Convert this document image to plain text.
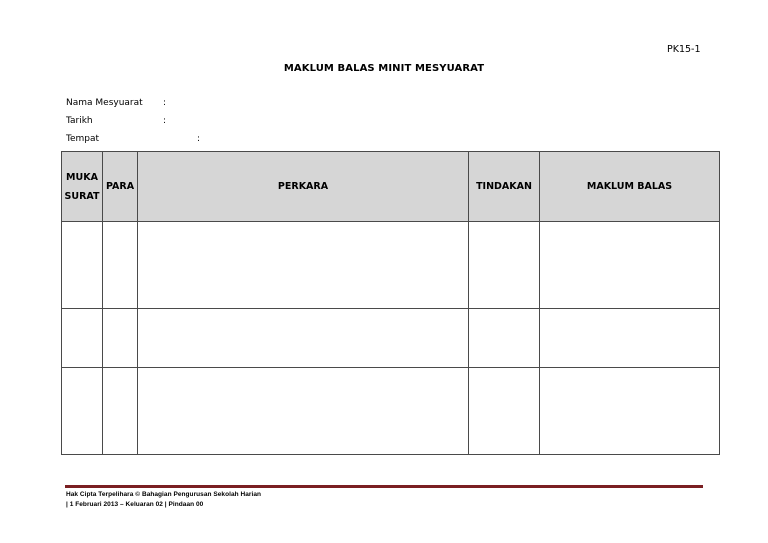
PK15-1
MAKLUM BALAS MINIT MESYUARAT
Nama Mesyuarat :
Tarikh	:
Tempat	:
MUKA SURAT	PARA	PERKARA	TINDAKAN	MAKLUM BALAS

Hak Cipta Terpelihara © Bahagian Pengurusan Sekolah Harian
| 1 Februari 2013 – Keluaran 02 | Pindaan 00
